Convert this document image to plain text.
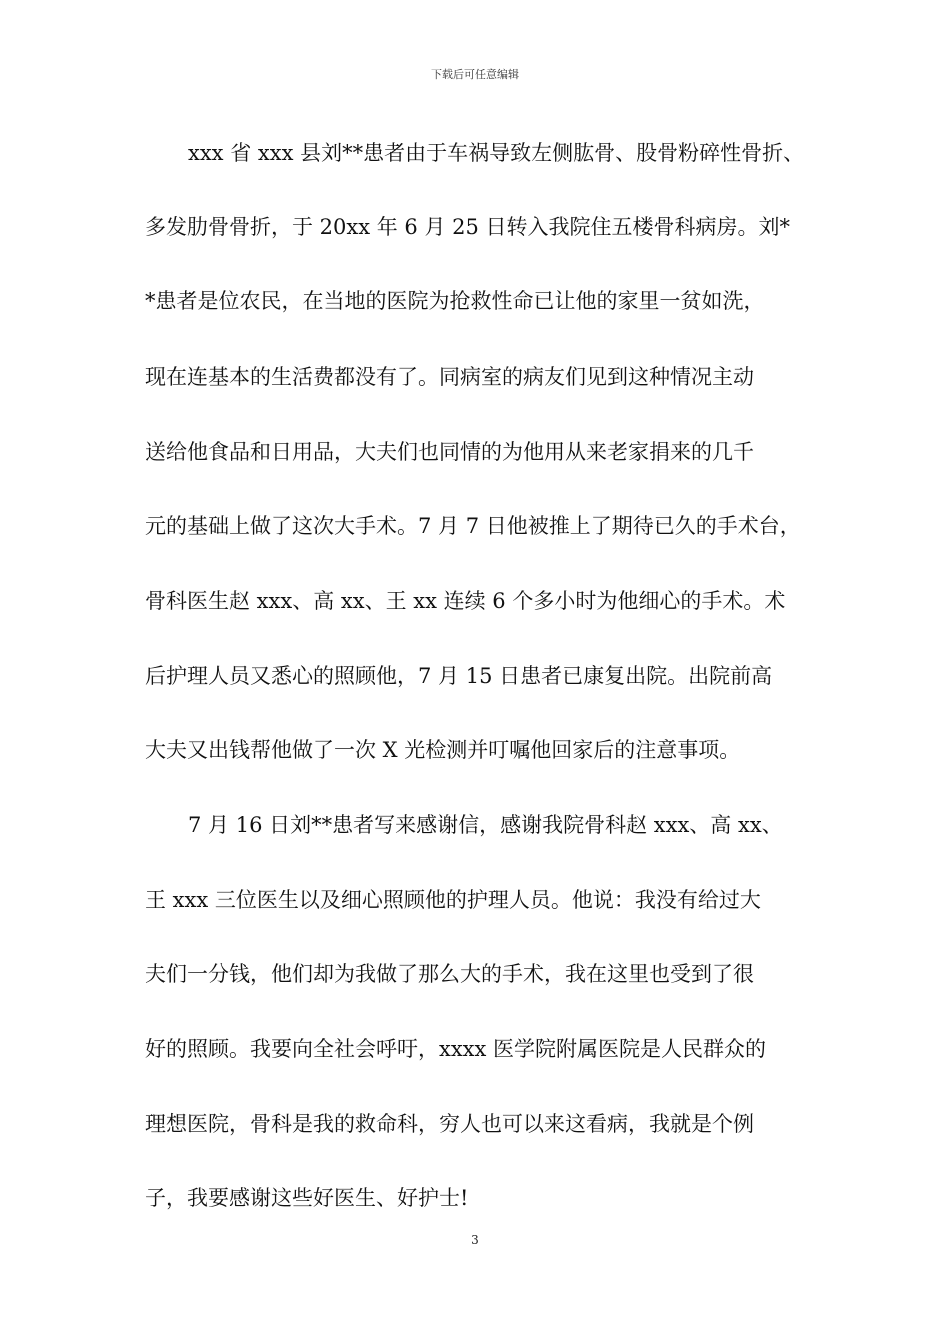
下载后可任意编辑
xxx 省 xxx 县刘**患者由于车祸导致左侧肱骨、股骨粉碎性骨折、
多发肋骨骨折，于 20xx 年 6 月 25 日转入我院住五楼骨科病房。刘*
*患者是位农民，在当地的医院为抢救性命已让他的家里一贫如洗，
现在连基本的生活费都没有了。同病室的病友们见到这种情况主动
送给他食品和日用品，大夫们也同情的为他用从来老家捐来的几千
元的基础上做了这次大手术。7 月 7 日他被推上了期待已久的手术台，
骨科医生赵 xxx、高 xx、王 xx 连续 6 个多小时为他细心的手术。术
后护理人员又悉心的照顾他，7 月 15 日患者已康复出院。出院前高
大夫又出钱帮他做了一次 X 光检测并叮嘱他回家后的注意事项。
7 月 16 日刘**患者写来感谢信，感谢我院骨科赵 xxx、高 xx、
王 xxx 三位医生以及细心照顾他的护理人员。他说：我没有给过大
夫们一分钱，他们却为我做了那么大的手术，我在这里也受到了很
好的照顾。我要向全社会呼吁，xxxx 医学院附属医院是人民群众的
理想医院，骨科是我的救命科，穷人也可以来这看病，我就是个例
子，我要感谢这些好医生、好护士!
3
